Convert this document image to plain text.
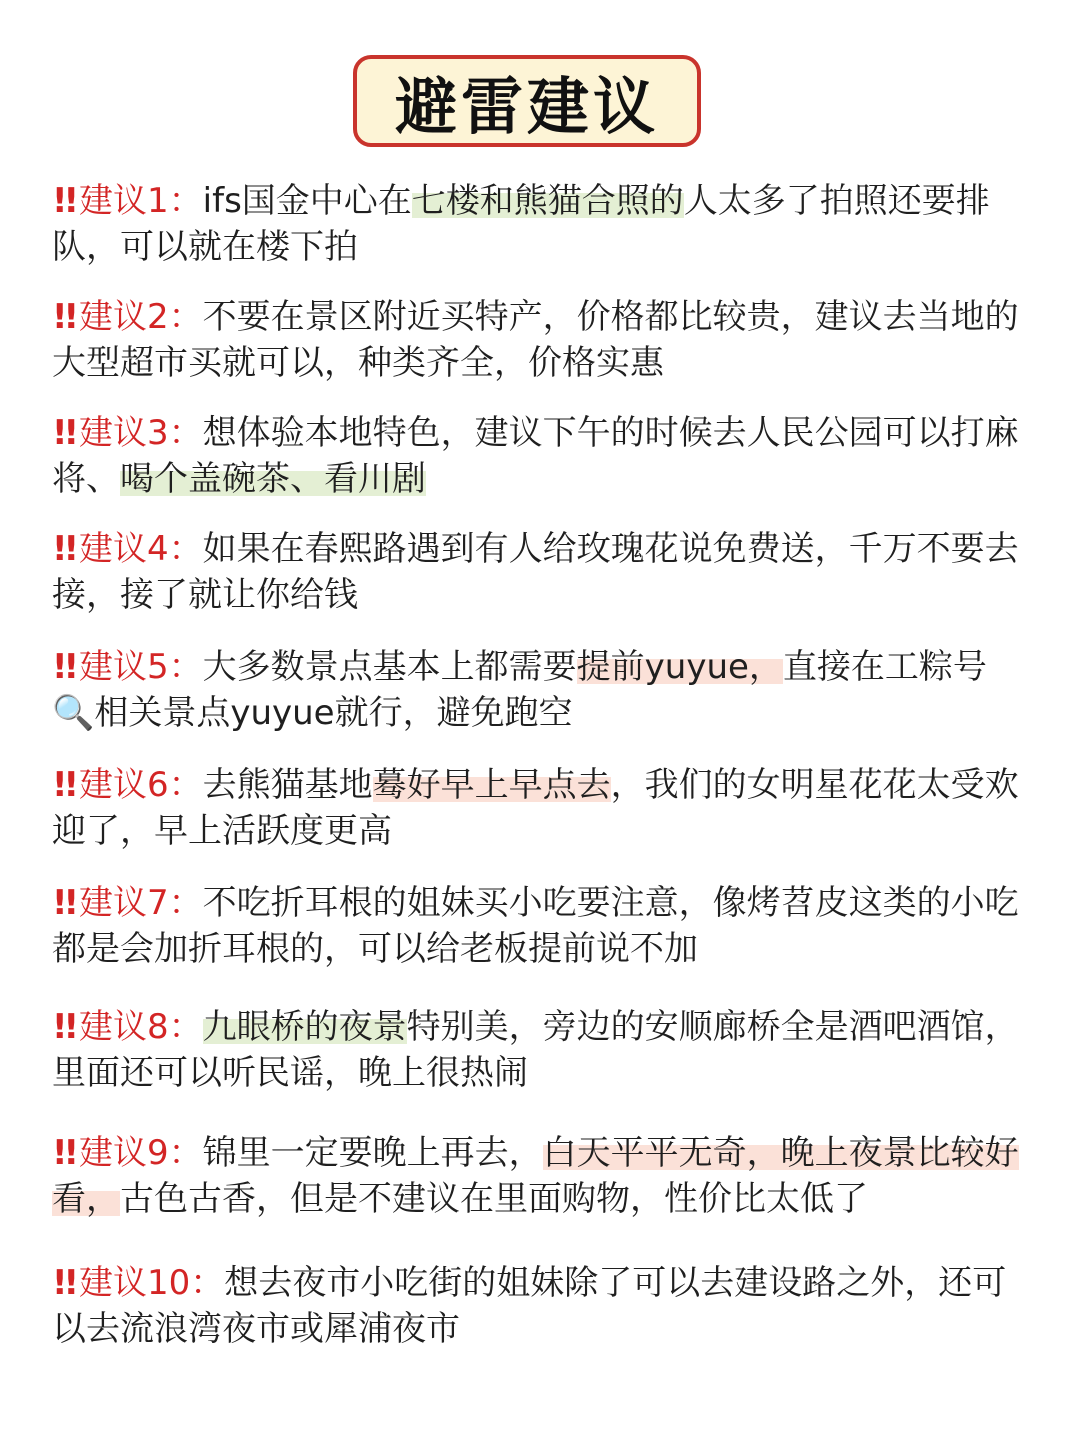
避雷建议

!! 建议1：ifs国金中心在七楼和熊猫合照的人太多了拍照还要排队，可以就在楼下拍

!! 建议2：不要在景区附近买特产，价格都比较贵，建议去当地的大型超市买就可以，种类齐全，价格实惠

!! 建议3：想体验本地特色，建议下午的时候去人民公园可以打麻将、喝个盖碗茶、看川剧

!! 建议4：如果在春熙路遇到有人给玫瑰花说免费送，千万不要去接，接了就让你给钱

!! 建议5：大多数景点基本上都需要提前yuyue，直接在工粽号🔍相关景点yuyue就行，避免跑空

!! 建议6：去熊猫基地蓦好早上早点去，我们的女明星花花太受欢迎了，早上活跃度更高

!! 建议7：不吃折耳根的姐妹买小吃要注意，像烤苕皮这类的小吃都是会加折耳根的，可以给老板提前说不加

!! 建议8：九眼桥的夜景特别美，旁边的安顺廊桥全是酒吧酒馆，里面还可以听民谣，晚上很热闹

!! 建议9：锦里一定要晚上再去，白天平平无奇，晚上夜景比较好看，古色古香，但是不建议在里面购物，性价比太低了

!! 建议10：想去夜市小吃街的姐妹除了可以去建设路之外，还可以去流浪湾夜市或犀浦夜市
